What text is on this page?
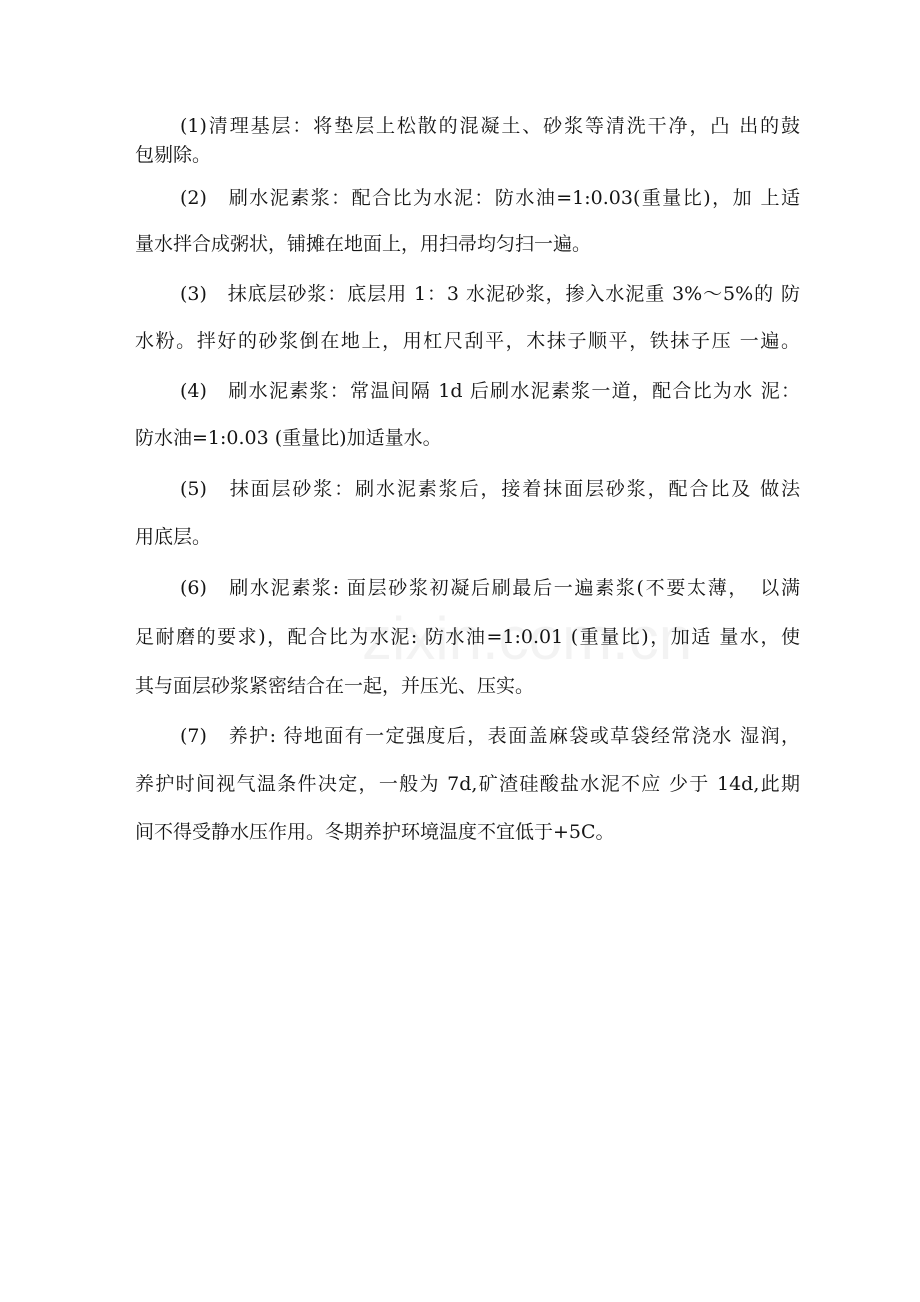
(1)清理基层：将垫层上松散的混凝土、砂浆等清洗干净，凸 出的鼓
包剔除。
(2)　刷水泥素浆：配合比为水泥：防水油=1:0.03(重量比)，加 上适
量水拌合成粥状，铺摊在地面上，用扫帚均匀扫一遍。
(3)　抹底层砂浆：底层用 1：3 水泥砂浆，掺入水泥重 3%～5%的 防
水粉。拌好的砂浆倒在地上，用杠尺刮平，木抹子顺平，铁抹子压 一遍。
(4)　刷水泥素浆：常温间隔 1d 后刷水泥素浆一道，配合比为水 泥：
防水油=1:0.03 (重量比)加适量水。
(5)　抹面层砂浆：刷水泥素浆后，接着抹面层砂浆，配合比及 做法
用底层。
(6)　刷水泥素浆: 面层砂浆初凝后刷最后一遍素浆(不要太薄，　以满
足耐磨的要求)，配合比为水泥: 防水油=1:0.01 (重量比)，加适 量水，使
其与面层砂浆紧密结合在一起，并压光、压实。
(7)　养护: 待地面有一定强度后，表面盖麻袋或草袋经常浇水 湿润，
养护时间视气温条件决定，一般为 7d,矿渣硅酸盐水泥不应 少于 14d,此期
间不得受静水压作用。冬期养护环境温度不宜低于+5C。
